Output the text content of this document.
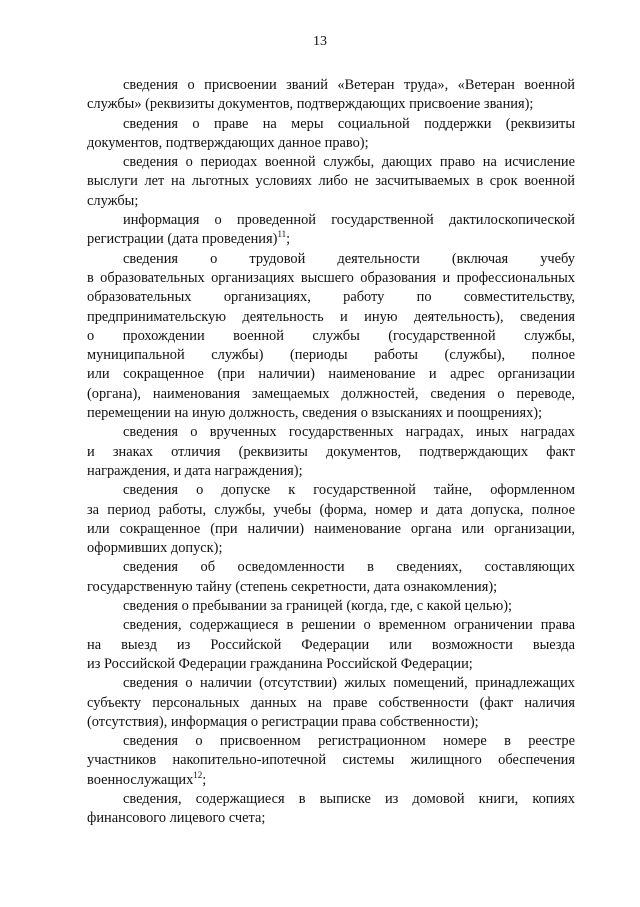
13

сведения о присвоении званий «Ветеран труда», «Ветеран военной
службы» (реквизиты документов, подтверждающих присвоение звания);

сведения о праве на меры социальной поддержки (реквизиты
документов, подтверждающих данное право);

сведения о периодах военной службы, дающих право на исчисление
выслуги лет на льготных условиях либо не засчитываемых в срок военной
службы;

информация о проведенной государственной дактилоскопической
регистрации (дата проведения)$^{11}$;

сведения о трудовой деятельности (включая учебу
в образовательных организациях высшего образования и профессиональных
образовательных организациях, работу по совместительству,
предпринимательскую деятельность и иную деятельность), сведения
о прохождении военной службы (государственной службы,
муниципальной службы) (периоды работы (службы), полное
или сокращенное (при наличии) наименование и адрес организации
(органа), наименования замещаемых должностей, сведения о переводе,
перемещении на иную должность, сведения о взысканиях и поощрениях);

сведения о врученных государственных наградах, иных наградах
и знаках отличия (реквизиты документов, подтверждающих факт
награждения, и дата награждения);

сведения о допуске к государственной тайне, оформленном
за период работы, службы, учебы (форма, номер и дата допуска, полное
или сокращенное (при наличии) наименование органа или организации,
оформивших допуск);

сведения об осведомленности в сведениях, составляющих
государственную тайну (степень секретности, дата ознакомления);

сведения о пребывании за границей (когда, где, с какой целью);

сведения, содержащиеся в решении о временном ограничении права
на выезд из Российской Федерации или возможности выезда
из Российской Федерации гражданина Российской Федерации;

сведения о наличии (отсутствии) жилых помещений, принадлежащих
субъекту персональных данных на праве собственности (факт наличия
(отсутствия), информация о регистрации права собственности);

сведения о присвоенном регистрационном номере в реестре
участников накопительно-ипотечной системы жилищного обеспечения
военнослужащих$^{12}$;

сведения, содержащиеся в выписке из домовой книги, копиях
финансового лицевого счета;
